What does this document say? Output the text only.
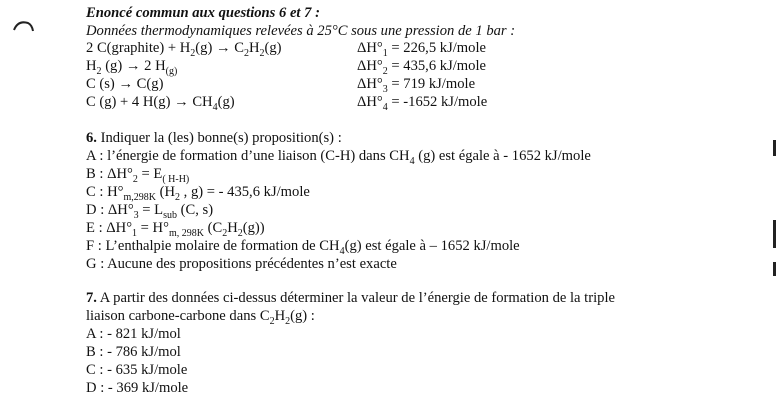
Enoncé commun aux questions 6 et 7 :
Données thermodynamiques relevées à 25°C sous une pression de 1 bar :
2 C(graphite) + $H_2(g) \to C_2H_2(g)$	$\Delta H^\circ_1 = 226,5$ kJ/mole
$H_2$ (g) → 2 $H_{(g)}$	$\Delta H^\circ_2 = 435,6$ kJ/mole
C (s) → C(g)	$\Delta H^\circ_3 = 719$ kJ/mole
C (g) + 4 $H(g) \to CH_4(g)$	$\Delta H^\circ_4 = -1652$ kJ/mole
6. Indiquer la (les) bonne(s) proposition(s) :
A : l’énergie de formation d’une liaison (C-H) dans $CH_4$ (g) est égale à - 1652 kJ/mole
B : $\Delta H^\circ_2 = E_{( H-H)}$
C : $H^\circ_{m,298K}$ ($H_2$ , g) = - 435,6 kJ/mole
D : $\Delta H^\circ_3 = L_{sub}$ (C, s)
E : $\Delta H^\circ_1 = H^\circ_{m, 298K}$ $(C_2H_2(g))$
F : L’enthalpie molaire de formation de $CH_4(g)$ est égale à – 1652 kJ/mole
G : Aucune des propositions précédentes n’est exacte
7. A partir des données ci-dessus déterminer la valeur de l’énergie de formation de la triple
liaison carbone-carbone dans $C_2H_2(g)$ :
A : - 821 kJ/mol
B : - 786 kJ/mol
C : - 635 kJ/mole
D : - 369 kJ/mole
